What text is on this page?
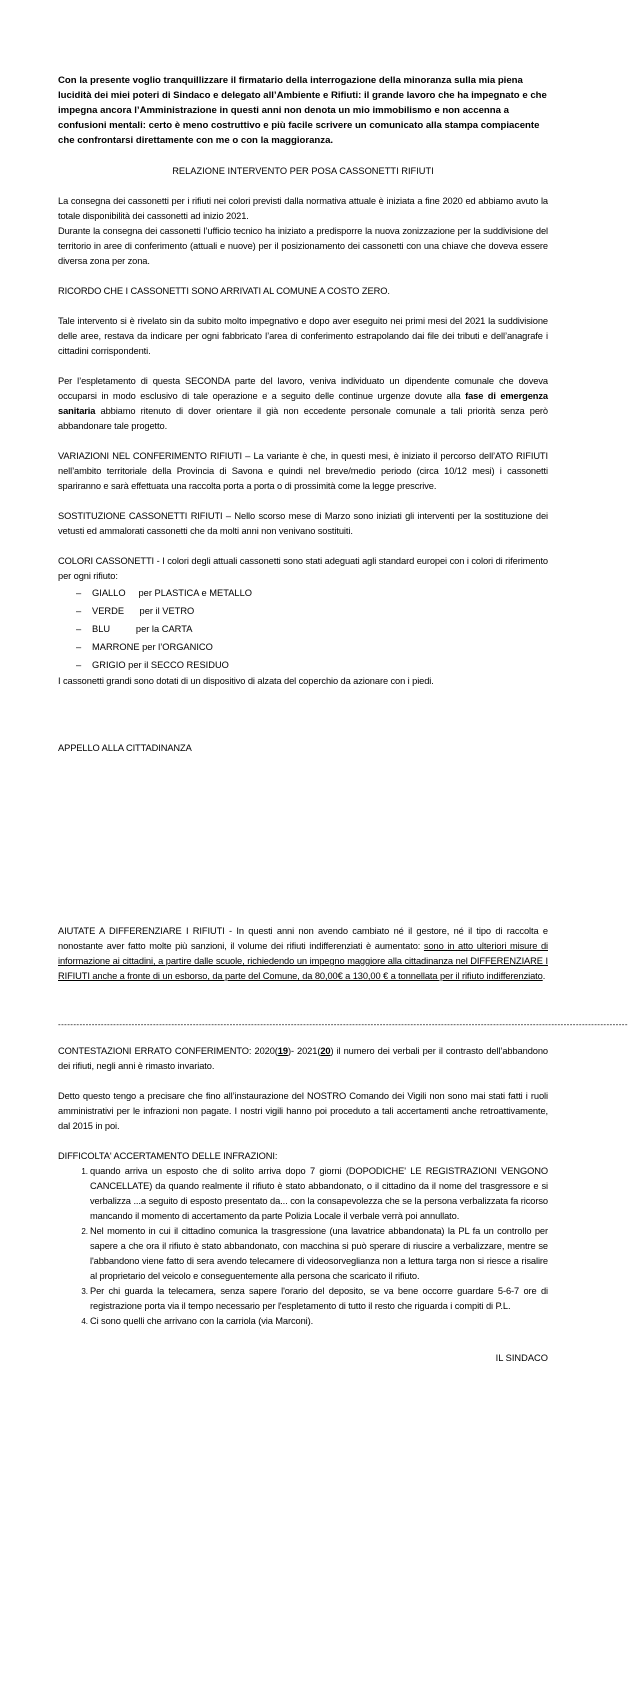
Con la presente voglio tranquillizzare il firmatario della interrogazione della minoranza sulla mia piena lucidità dei miei poteri di Sindaco e delegato all’Ambiente e Rifiuti: il grande lavoro che ha impegnato e che impegna ancora l’Amministrazione in questi anni non denota un mio immobilismo e non accenna a confusioni mentali: certo è meno costruttivo e più facile scrivere un comunicato alla stampa compiacente che confrontarsi direttamente con me o con la maggioranza.

RELAZIONE INTERVENTO PER POSA CASSONETTI RIFIUTI

La consegna dei cassonetti per i rifiuti nei colori previsti dalla normativa attuale è iniziata a fine 2020 ed abbiamo avuto la totale disponibilità dei cassonetti ad inizio 2021.

Durante la consegna dei cassonetti l’ufficio tecnico ha iniziato a predisporre la nuova zonizzazione per la suddivisione del territorio in aree di conferimento (attuali e nuove) per il posizionamento dei cassonetti con una chiave che doveva essere diversa zona per zona.

RICORDO CHE I CASSONETTI SONO ARRIVATI AL COMUNE A COSTO ZERO.

Tale intervento si è rivelato sin da subito molto impegnativo e dopo aver eseguito nei primi mesi del 2021 la suddivisione delle aree, restava da indicare per ogni fabbricato l’area di conferimento estrapolando dai file dei tributi e dell’anagrafe i cittadini corrispondenti.

Per l’espletamento di questa SECONDA parte del lavoro, veniva individuato un dipendente comunale che doveva occuparsi in modo esclusivo di tale operazione e a seguito delle continue urgenze dovute alla fase di emergenza sanitaria abbiamo ritenuto di dover orientare il già non eccedente personale comunale a tali priorità senza però abbandonare tale progetto.

VARIAZIONI NEL CONFERIMENTO RIFIUTI – La variante è che, in questi mesi, è iniziato il percorso dell’ATO RIFIUTI nell’ambito territoriale della Provincia di Savona e quindi nel breve/medio periodo (circa 10/12 mesi) i cassonetti spariranno e sarà effettuata una raccolta porta a porta o di prossimità come la legge prescrive.

SOSTITUZIONE CASSONETTI RIFIUTI – Nello scorso mese di Marzo sono iniziati gli interventi per la sostituzione dei vetusti ed ammalorati cassonetti che da molti anni non venivano sostituiti.

COLORI CASSONETTI - I colori degli attuali cassonetti sono stati adeguati agli standard europei con i colori di riferimento per ogni rifiuto:

– GIALLO     per PLASTICA e METALLO
– VERDE      per il VETRO
– BLU          per la CARTA
– MARRONE per l’ORGANICO
– GRIGIO per il SECCO RESIDUO

I cassonetti grandi sono dotati di un dispositivo di alzata del coperchio da azionare con i piedi.

APPELLO ALLA CITTADINANZA

AIUTATE A DIFFERENZIARE I RIFIUTI - In questi anni non avendo cambiato né il gestore, né il tipo di raccolta e nonostante aver fatto molte più sanzioni, il volume dei rifiuti indifferenziati è aumentato: sono in atto ulteriori misure di informazione ai cittadini, a partire dalle scuole, richiedendo un impegno maggiore alla cittadinanza nel DIFFERENZIARE I RIFIUTI anche a fronte di un esborso, da parte del Comune, da 80,00€ a 130,00 € a tonnellata per il rifiuto indifferenziato.

------------------------------------------------------------------------------------------------------------------------------------------------------------------------------------------

CONTESTAZIONI ERRATO CONFERIMENTO: 2020(19)- 2021(20) il numero dei verbali per il contrasto dell’abbandono dei rifiuti, negli anni è rimasto invariato.

Detto questo tengo a precisare che fino all’instaurazione del NOSTRO Comando dei Vigili non sono mai stati fatti i ruoli amministrativi per le infrazioni non pagate. I nostri vigili hanno poi proceduto a tali accertamenti anche retroattivamente, dal 2015 in poi.

DIFFICOLTA' ACCERTAMENTO DELLE INFRAZIONI:

1. quando arriva un esposto che di solito arriva dopo 7 giorni (DOPODICHE' LE REGISTRAZIONI VENGONO CANCELLATE) da quando realmente il rifiuto è stato abbandonato, o il cittadino da il nome del trasgressore e si verbalizza ...a seguito di esposto presentato da... con la consapevolezza che se la persona verbalizzata fa ricorso mancando il momento di accertamento da parte Polizia Locale il verbale verrà poi annullato.
2. Nel momento in cui il cittadino comunica la trasgressione (una lavatrice abbandonata) la PL fa un controllo per sapere a che ora il rifiuto è stato abbandonato, con macchina si può sperare di riuscire a verbalizzare, mentre se l'abbandono viene fatto di sera avendo telecamere di videosorveglianza non a lettura targa non si riesce a risalire al proprietario del veicolo e conseguentemente alla persona che scaricato il rifiuto.
3. Per chi guarda la telecamera, senza sapere l'orario del deposito, se va bene occorre guardare 5-6-7 ore di registrazione porta via il tempo necessario per l'espletamento di tutto il resto che riguarda i compiti di P.L.
4. Ci sono quelli che arrivano con la carriola (via Marconi).

IL SINDACO
